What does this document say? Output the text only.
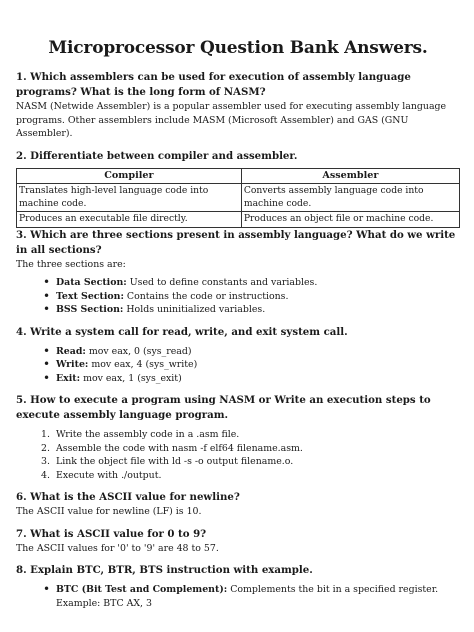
Microprocessor Question Bank Answers.

1. Which assemblers can be used for execution of assembly language programs? What is the long form of NASM?

NASM (Netwide Assembler) is a popular assembler used for executing assembly language programs. Other assemblers include MASM (Microsoft Assembler) and GAS (GNU Assembler).

2. Differentiate between compiler and assembler.

Compiler	Assembler
Translates high-level language code into machine code.	Converts assembly language code into machine code.
Produces an executable file directly.	Produces an object file or machine code.

3. Which are three sections present in assembly language? What do we write in all sections?

The three sections are:

• Data Section: Used to define constants and variables.
• Text Section: Contains the code or instructions.
• BSS Section: Holds uninitialized variables.

4. Write a system call for read, write, and exit system call.

• Read: mov eax, 0 (sys_read)
• Write: mov eax, 4 (sys_write)
• Exit: mov eax, 1 (sys_exit)

5. How to execute a program using NASM or Write an execution steps to execute assembly language program.

1. Write the assembly code in a .asm file.
2. Assemble the code with nasm -f elf64 filename.asm.
3. Link the object file with ld -s -o output filename.o.
4. Execute with ./output.

6. What is the ASCII value for newline?

The ASCII value for newline (LF) is 10.

7. What is ASCII value for 0 to 9?

The ASCII values for '0' to '9' are 48 to 57.

8. Explain BTC, BTR, BTS instruction with example.

• BTC (Bit Test and Complement): Complements the bit in a specified register. Example: BTC AX, 3
